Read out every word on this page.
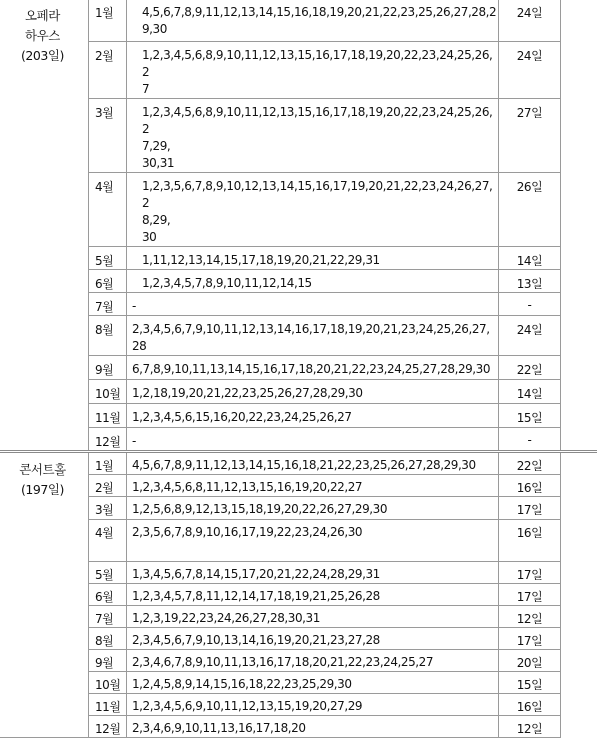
오페라
하우스
(203일)	1월	4,5,6,7,8,9,11,12,13,14,15,16,18,19,20,21,22,23,25,26,27,28,2
9,30	24일	
	2월	1,2,3,4,5,6,8,9,10,11,12,13,15,16,17,18,19,20,22,23,24,25,26,2
7	24일	
	3월	1,2,3,4,5,6,8,9,10,11,12,13,15,16,17,18,19,20,22,23,24,25,26,2
7,29,
30,31	27일	
	4월	1,2,3,5,6,7,8,9,10,12,13,14,15,16,17,19,20,21,22,23,24,26,27,2
8,29,
30	26일	
	5월	1,11,12,13,14,15,17,18,19,20,21,22,29,31	14일	
	6월	1,2,3,4,5,7,8,9,10,11,12,14,15	13일	
	7월	-	-	
	8월	2,3,4,5,6,7,9,10,11,12,13,14,16,17,18,19,20,21,23,24,25,26,27,
28	24일	
	9월	6,7,8,9,10,11,13,14,15,16,17,18,20,21,22,23,24,25,27,28,29,30	22일	
	10월	1,2,18,19,20,21,22,23,25,26,27,28,29,30	14일	
	11월	1,2,3,4,5,6,15,16,20,22,23,24,25,26,27	15일	
	12월	-	-	

콘서트홀
(197일)	1월	4,5,6,7,8,9,11,12,13,14,15,16,18,21,22,23,25,26,27,28,29,30	22일	
	2월	1,2,3,4,5,6,8,11,12,13,15,16,19,20,22,27	16일	
	3월	1,2,5,6,8,9,12,13,15,18,19,20,22,26,27,29,30	17일	
	4월	2,3,5,6,7,8,9,10,16,17,19,22,23,24,26,30	16일	
	5월	1,3,4,5,6,7,8,14,15,17,20,21,22,24,28,29,31	17일	
	6월	1,2,3,4,5,7,8,11,12,14,17,18,19,21,25,26,28	17일	
	7월	1,2,3,19,22,23,24,26,27,28,30,31	12일	
	8월	2,3,4,5,6,7,9,10,13,14,16,19,20,21,23,27,28	17일	
	9월	2,3,4,6,7,8,9,10,11,13,16,17,18,20,21,22,23,24,25,27	20일	
	10월	1,2,4,5,8,9,14,15,16,18,22,23,25,29,30	15일	
	11월	1,2,3,4,5,6,9,10,11,12,13,15,19,20,27,29	16일	
	12월	2,3,4,6,9,10,11,13,16,17,18,20	12일	
